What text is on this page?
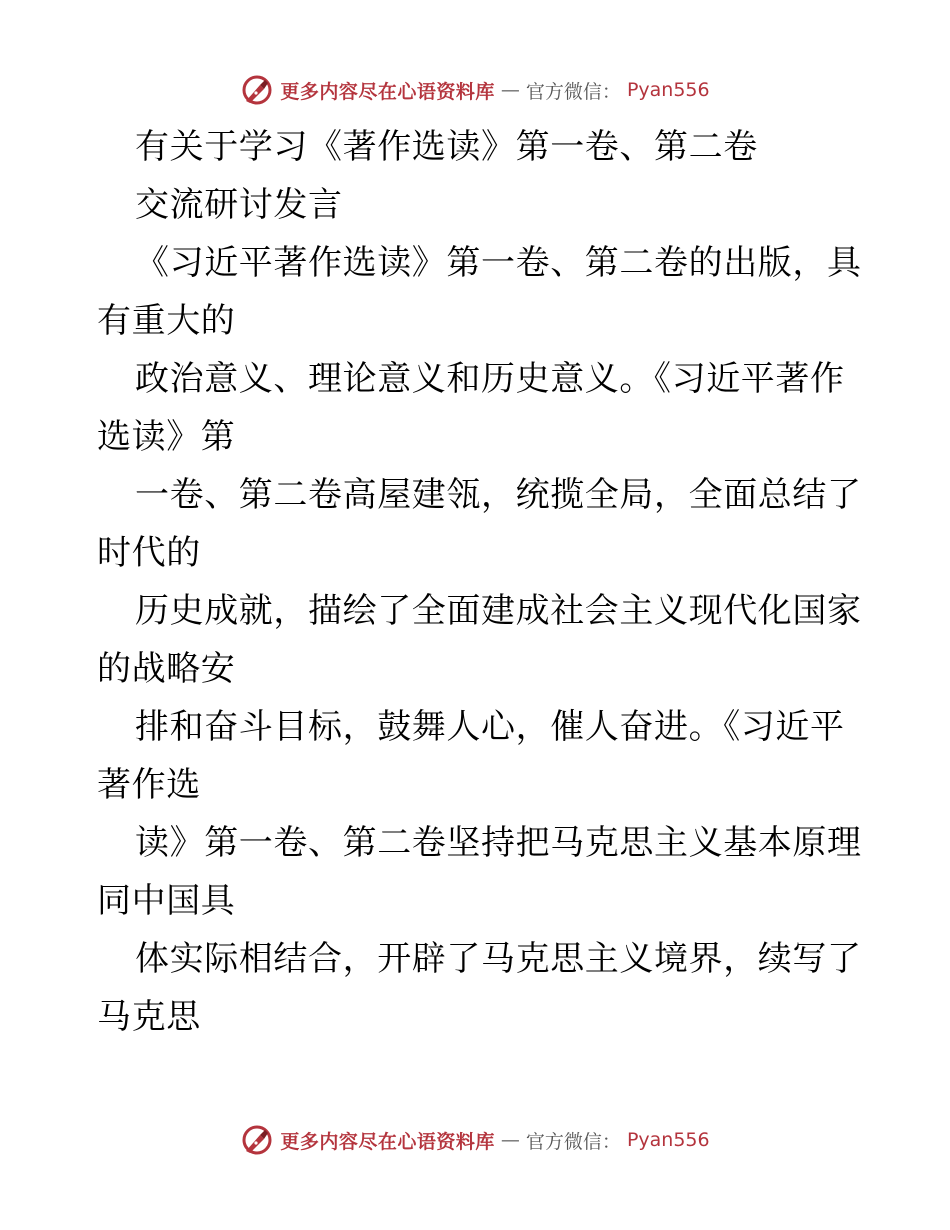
更多内容尽在心语资料库 — 官方微信： Pyan556
有关于学习《著作选读》第一卷、第二卷
交流研讨发言
《习近平著作选读》第一卷、第二卷的出版，具
有重大的
政治意义、理论意义和历史意义。《习近平著作
选读》第
一卷、第二卷高屋建瓴，统揽全局，全面总结了
时代的
历史成就，描绘了全面建成社会主义现代化国家
的战略安
排和奋斗目标，鼓舞人心，催人奋进。《习近平
著作选
读》第一卷、第二卷坚持把马克思主义基本原理
同中国具
体实际相结合，开辟了马克思主义境界，续写了
马克思
更多内容尽在心语资料库 — 官方微信： Pyan556
